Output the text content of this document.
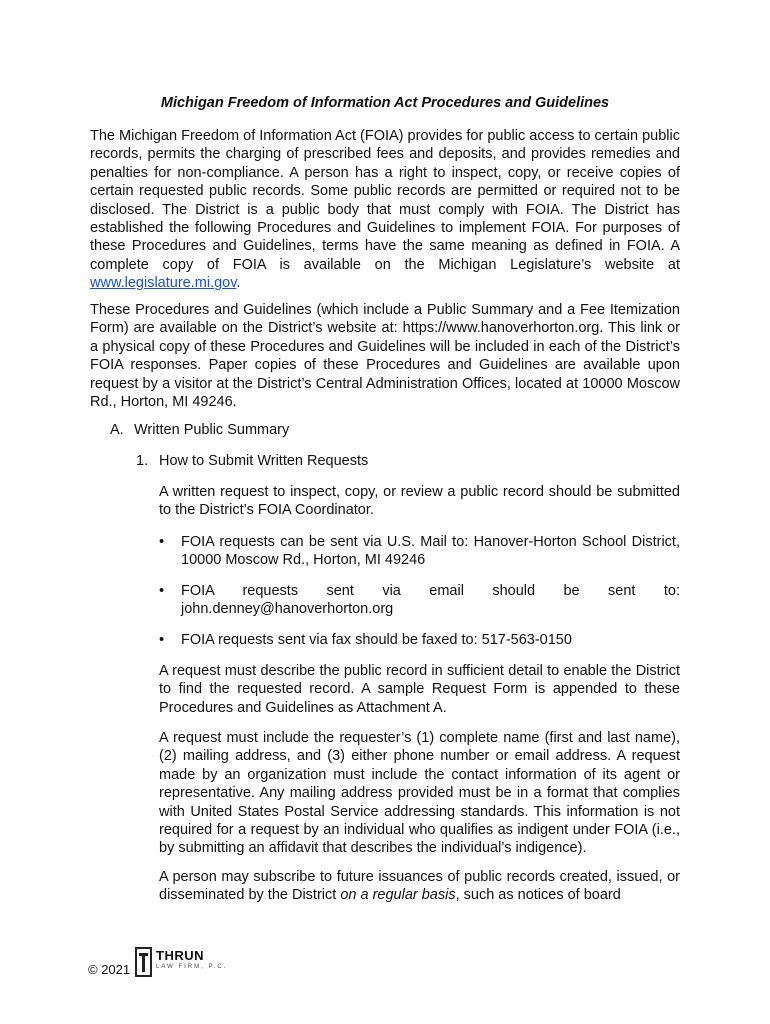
Michigan Freedom of Information Act Procedures and Guidelines

The Michigan Freedom of Information Act (FOIA) provides for public access to certain public records, permits the charging of prescribed fees and deposits, and provides remedies and penalties for non-compliance. A person has a right to inspect, copy, or receive copies of certain requested public records. Some public records are permitted or required not to be disclosed. The District is a public body that must comply with FOIA. The District has established the following Procedures and Guidelines to implement FOIA. For purposes of these Procedures and Guidelines, terms have the same meaning as defined in FOIA. A complete copy of FOIA is available on the Michigan Legislature’s website at www.legislature.mi.gov.

These Procedures and Guidelines (which include a Public Summary and a Fee Itemization Form) are available on the District’s website at: https://www.hanoverhorton.org. This link or a physical copy of these Procedures and Guidelines will be included in each of the District’s FOIA responses. Paper copies of these Procedures and Guidelines are available upon request by a visitor at the District’s Central Administration Offices, located at 10000 Moscow Rd., Horton, MI 49246.

A. Written Public Summary
1. How to Submit Written Requests

A written request to inspect, copy, or review a public record should be submitted to the District’s FOIA Coordinator.

• FOIA requests can be sent via U.S. Mail to: Hanover-Horton School District, 10000 Moscow Rd., Horton, MI 49246
• FOIA requests sent via email should be sent to:
john.denney@hanoverhorton.org
• FOIA requests sent via fax should be faxed to: 517-563-0150

A request must describe the public record in sufficient detail to enable the District to find the requested record. A sample Request Form is appended to these Procedures and Guidelines as Attachment A.

A request must include the requester’s (1) complete name (first and last name), (2) mailing address, and (3) either phone number or email address. A request made by an organization must include the contact information of its agent or representative. Any mailing address provided must be in a format that complies with United States Postal Service addressing standards. This information is not required for a request by an individual who qualifies as indigent under FOIA (i.e., by submitting an affidavit that describes the individual’s indigence).

A person may subscribe to future issuances of public records created, issued, or disseminated by the District on a regular basis, such as notices of board

© 2021
THRUN
LAW FIRM, P.C.
